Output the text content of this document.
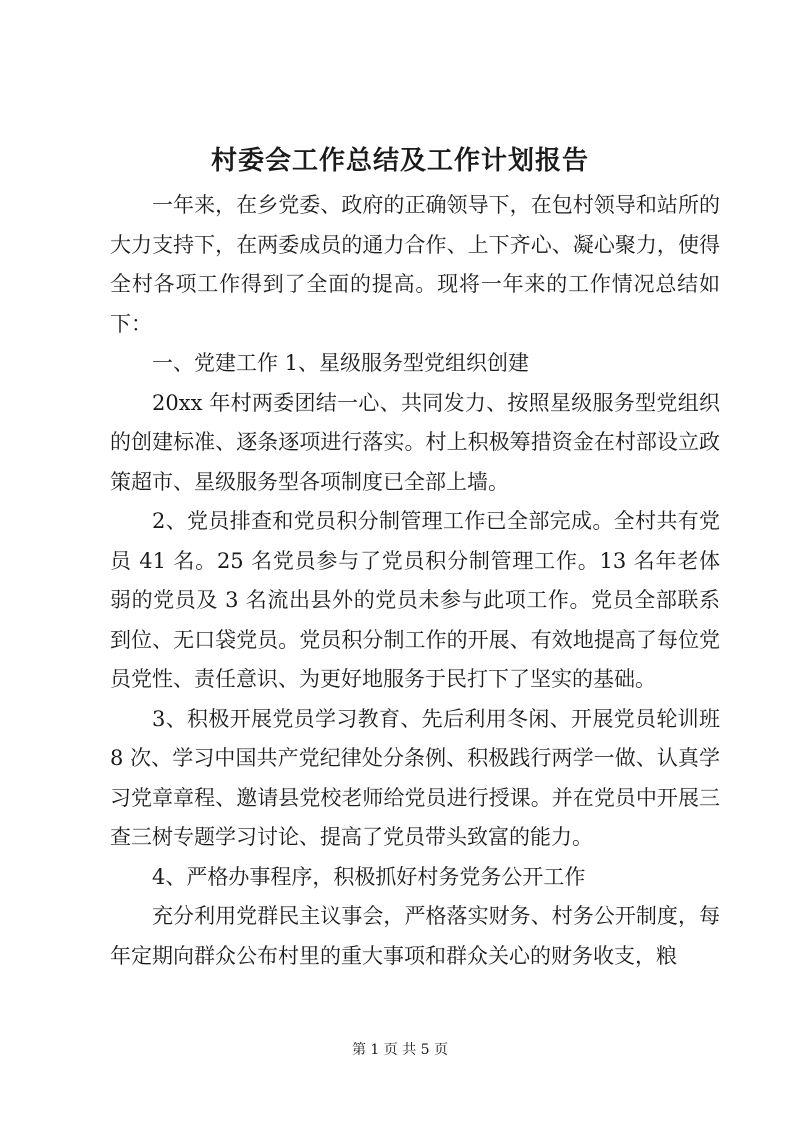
村委会工作总结及工作计划报告

一年来，在乡党委、政府的正确领导下，在包村领导和站所的大力支持下，在两委成员的通力合作、上下齐心、凝心聚力，使得全村各项工作得到了全面的提高。现将一年来的工作情况总结如下：

一、党建工作 1、星级服务型党组织创建

20xx 年村两委团结一心、共同发力、按照星级服务型党组织的创建标准、逐条逐项进行落实。村上积极筹措资金在村部设立政策超市、星级服务型各项制度已全部上墙。

2、党员排查和党员积分制管理工作已全部完成。全村共有党员 41 名。25 名党员参与了党员积分制管理工作。13 名年老体弱的党员及 3 名流出县外的党员未参与此项工作。党员全部联系到位、无口袋党员。党员积分制工作的开展、有效地提高了每位党员党性、责任意识、为更好地服务于民打下了坚实的基础。

3、积极开展党员学习教育、先后利用冬闲、开展党员轮训班 8 次、学习中国共产党纪律处分条例、积极践行两学一做、认真学习党章章程、邀请县党校老师给党员进行授课。并在党员中开展三查三树专题学习讨论、提高了党员带头致富的能力。

4、严格办事程序，积极抓好村务党务公开工作

充分利用党群民主议事会，严格落实财务、村务公开制度，每年定期向群众公布村里的重大事项和群众关心的财务收支，粮

第 1 页 共 5 页
